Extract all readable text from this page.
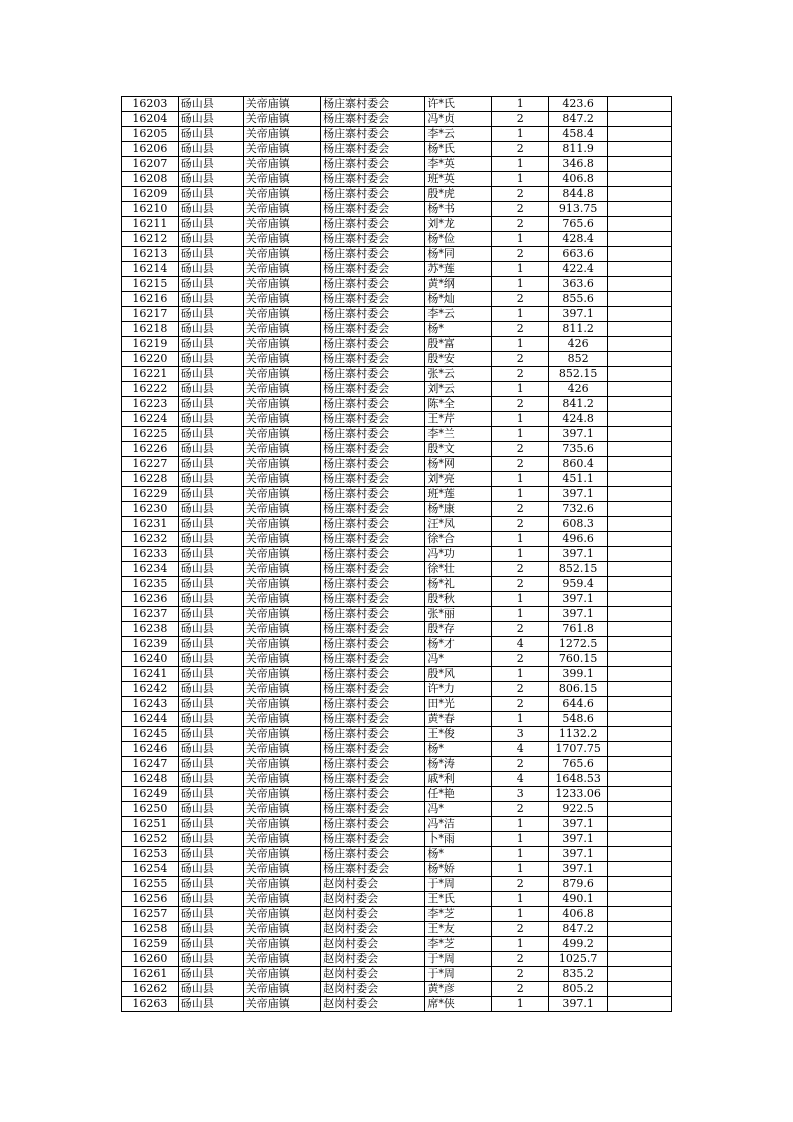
16203	砀山县	关帝庙镇	杨庄寨村委会	许*氏	1	423.6	
16204	砀山县	关帝庙镇	杨庄寨村委会	冯*贞	2	847.2	
16205	砀山县	关帝庙镇	杨庄寨村委会	李*云	1	458.4	
16206	砀山县	关帝庙镇	杨庄寨村委会	杨*氏	2	811.9	
16207	砀山县	关帝庙镇	杨庄寨村委会	李*英	1	346.8	
16208	砀山县	关帝庙镇	杨庄寨村委会	班*英	1	406.8	
16209	砀山县	关帝庙镇	杨庄寨村委会	殷*虎	2	844.8	
16210	砀山县	关帝庙镇	杨庄寨村委会	杨*书	2	913.75	
16211	砀山县	关帝庙镇	杨庄寨村委会	刘*龙	2	765.6	
16212	砀山县	关帝庙镇	杨庄寨村委会	杨*俭	1	428.4	
16213	砀山县	关帝庙镇	杨庄寨村委会	杨*同	2	663.6	
16214	砀山县	关帝庙镇	杨庄寨村委会	苏*莲	1	422.4	
16215	砀山县	关帝庙镇	杨庄寨村委会	黄*纲	1	363.6	
16216	砀山县	关帝庙镇	杨庄寨村委会	杨*灿	2	855.6	
16217	砀山县	关帝庙镇	杨庄寨村委会	李*云	1	397.1	
16218	砀山县	关帝庙镇	杨庄寨村委会	杨*	2	811.2	
16219	砀山县	关帝庙镇	杨庄寨村委会	殷*富	1	426	
16220	砀山县	关帝庙镇	杨庄寨村委会	殷*安	2	852	
16221	砀山县	关帝庙镇	杨庄寨村委会	张*云	2	852.15	
16222	砀山县	关帝庙镇	杨庄寨村委会	刘*云	1	426	
16223	砀山县	关帝庙镇	杨庄寨村委会	陈*全	2	841.2	
16224	砀山县	关帝庙镇	杨庄寨村委会	王*芹	1	424.8	
16225	砀山县	关帝庙镇	杨庄寨村委会	李*兰	1	397.1	
16226	砀山县	关帝庙镇	杨庄寨村委会	殷*文	2	735.6	
16227	砀山县	关帝庙镇	杨庄寨村委会	杨*网	2	860.4	
16228	砀山县	关帝庙镇	杨庄寨村委会	刘*亮	1	451.1	
16229	砀山县	关帝庙镇	杨庄寨村委会	班*莲	1	397.1	
16230	砀山县	关帝庙镇	杨庄寨村委会	杨*康	2	732.6	
16231	砀山县	关帝庙镇	杨庄寨村委会	汪*凤	2	608.3	
16232	砀山县	关帝庙镇	杨庄寨村委会	徐*合	1	496.6	
16233	砀山县	关帝庙镇	杨庄寨村委会	冯*功	1	397.1	
16234	砀山县	关帝庙镇	杨庄寨村委会	徐*壮	2	852.15	
16235	砀山县	关帝庙镇	杨庄寨村委会	杨*礼	2	959.4	
16236	砀山县	关帝庙镇	杨庄寨村委会	殷*秋	1	397.1	
16237	砀山县	关帝庙镇	杨庄寨村委会	张*丽	1	397.1	
16238	砀山县	关帝庙镇	杨庄寨村委会	殷*存	2	761.8	
16239	砀山县	关帝庙镇	杨庄寨村委会	杨*才	4	1272.5	
16240	砀山县	关帝庙镇	杨庄寨村委会	冯*	2	760.15	
16241	砀山县	关帝庙镇	杨庄寨村委会	殷*风	1	399.1	
16242	砀山县	关帝庙镇	杨庄寨村委会	许*力	2	806.15	
16243	砀山县	关帝庙镇	杨庄寨村委会	田*光	2	644.6	
16244	砀山县	关帝庙镇	杨庄寨村委会	黄*春	1	548.6	
16245	砀山县	关帝庙镇	杨庄寨村委会	王*俊	3	1132.2	
16246	砀山县	关帝庙镇	杨庄寨村委会	杨*	4	1707.75	
16247	砀山县	关帝庙镇	杨庄寨村委会	杨*涛	2	765.6	
16248	砀山县	关帝庙镇	杨庄寨村委会	戚*利	4	1648.53	
16249	砀山县	关帝庙镇	杨庄寨村委会	任*艳	3	1233.06	
16250	砀山县	关帝庙镇	杨庄寨村委会	冯*	2	922.5	
16251	砀山县	关帝庙镇	杨庄寨村委会	冯*洁	1	397.1	
16252	砀山县	关帝庙镇	杨庄寨村委会	卜*雨	1	397.1	
16253	砀山县	关帝庙镇	杨庄寨村委会	杨*	1	397.1	
16254	砀山县	关帝庙镇	杨庄寨村委会	杨*娇	1	397.1	
16255	砀山县	关帝庙镇	赵岗村委会	于*周	2	879.6	
16256	砀山县	关帝庙镇	赵岗村委会	王*氏	1	490.1	
16257	砀山县	关帝庙镇	赵岗村委会	李*芝	1	406.8	
16258	砀山县	关帝庙镇	赵岗村委会	王*友	2	847.2	
16259	砀山县	关帝庙镇	赵岗村委会	李*芝	1	499.2	
16260	砀山县	关帝庙镇	赵岗村委会	于*周	2	1025.7	
16261	砀山县	关帝庙镇	赵岗村委会	于*周	2	835.2	
16262	砀山县	关帝庙镇	赵岗村委会	黄*彦	2	805.2	
16263	砀山县	关帝庙镇	赵岗村委会	席*侠	1	397.1	
